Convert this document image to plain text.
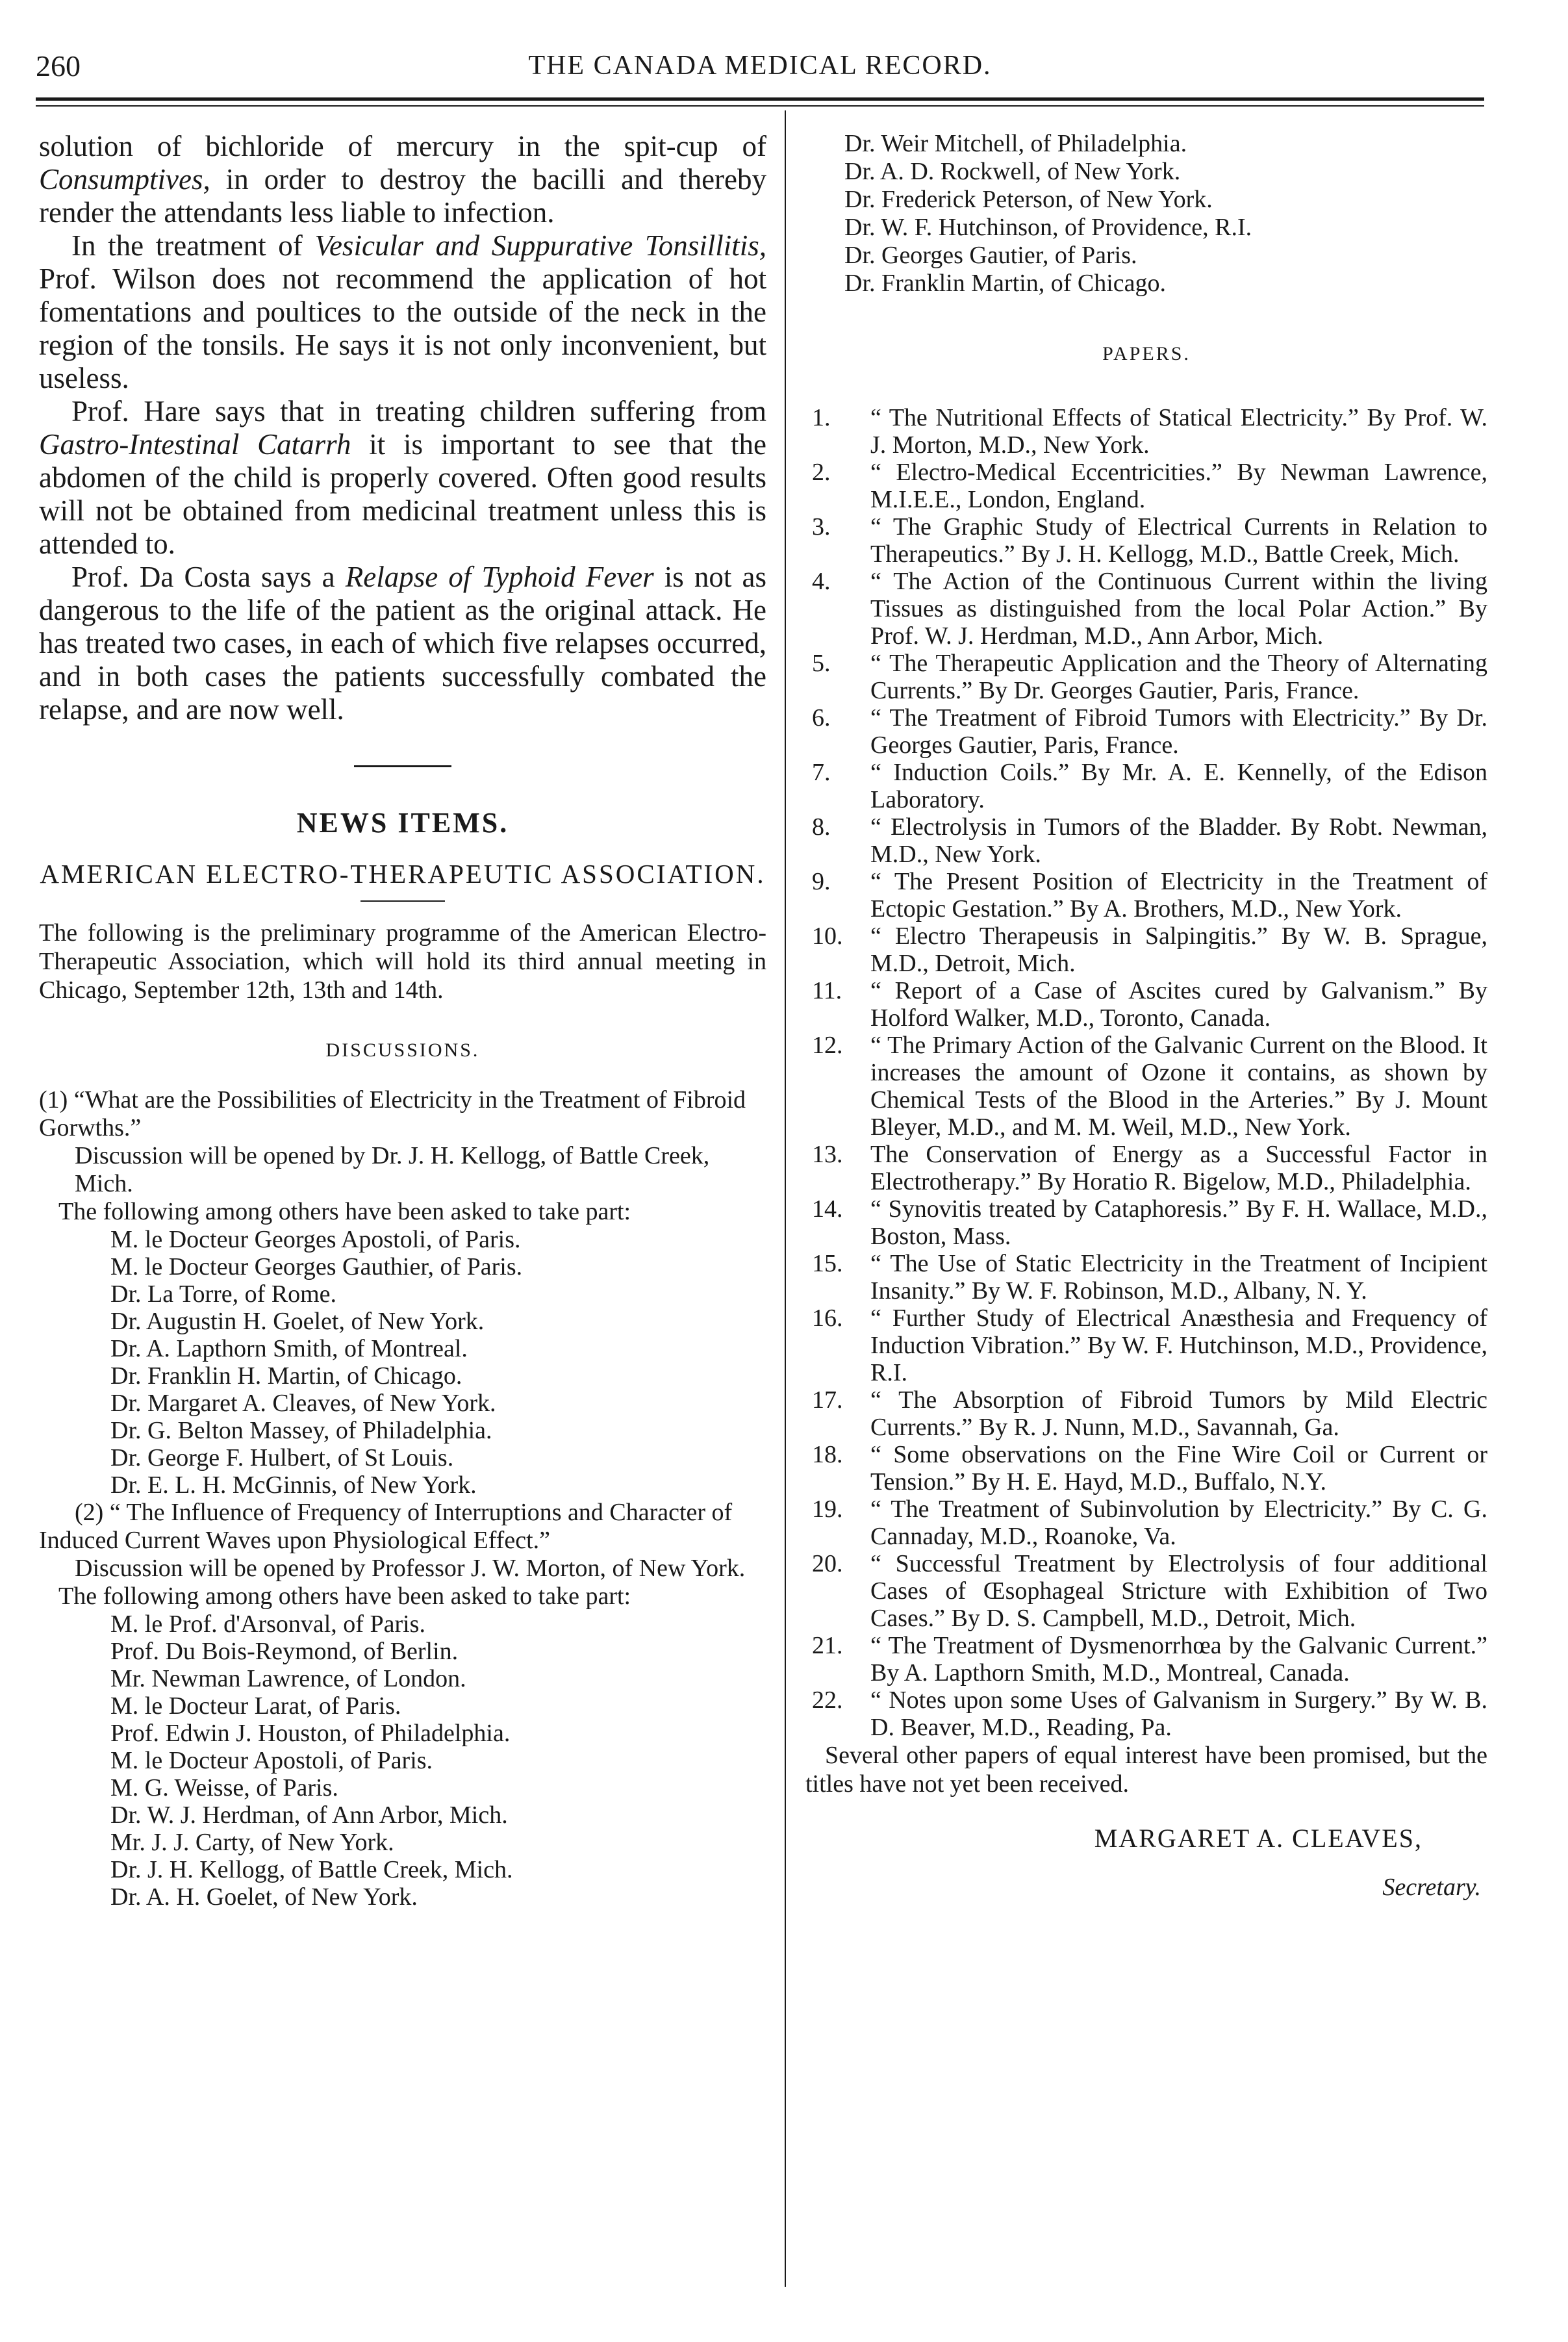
260	THE CANADA MEDICAL RECORD.

solution of bichloride of mercury in the spit-cup of Consumptives, in order to destroy the bacilli and thereby render the attendants less liable to infection.

In the treatment of Vesicular and Suppurative Tonsillitis, Prof. Wilson does not recommend the application of hot fomentations and poultices to the outside of the neck in the region of the tonsils. He says it is not only inconvenient, but useless.

Prof. Hare says that in treating children suffering from Gastro-Intestinal Catarrh it is important to see that the abdomen of the child is properly covered. Often good results will not be obtained from medicinal treatment unless this is attended to.

Prof. Da Costa says a Relapse of Typhoid Fever is not as dangerous to the life of the patient as the original attack. He has treated two cases, in each of which five relapses occurred, and in both cases the patients successfully combated the relapse, and are now well.

NEWS ITEMS.
AMERICAN ELECTRO-THERAPEUTIC ASSOCIATION.

The following is the preliminary programme of the American Electro-Therapeutic Association, which will hold its third annual meeting in Chicago, September 12th, 13th and 14th.

DISCUSSIONS.

(1) “What are the Possibilities of Electricity in the Treatment of Fibroid Gorwths.”

Discussion will be opened by Dr. J. H. Kellogg, of Battle Creek, Mich.

The following among others have been asked to take part:

M. le Docteur Georges Apostoli, of Paris.
M. le Docteur Georges Gauthier, of Paris.
Dr. La Torre, of Rome.
Dr. Augustin H. Goelet, of New York.
Dr. A. Lapthorn Smith, of Montreal.
Dr. Franklin H. Martin, of Chicago.
Dr. Margaret A. Cleaves, of New York.
Dr. G. Belton Massey, of Philadelphia.
Dr. George F. Hulbert, of St Louis.
Dr. E. L. H. McGinnis, of New York.

(2) “ The Influence of Frequency of Interruptions and Character of Induced Current Waves upon Physiological Effect.”

Discussion will be opened by Professor J. W. Morton, of New York.

The following among others have been asked to take part:

M. le Prof. d'Arsonval, of Paris.
Prof. Du Bois-Reymond, of Berlin.
Mr. Newman Lawrence, of London.
M. le Docteur Larat, of Paris.
Prof. Edwin J. Houston, of Philadelphia.
M. le Docteur Apostoli, of Paris.
M. G. Weisse, of Paris.
Dr. W. J. Herdman, of Ann Arbor, Mich.
Mr. J. J. Carty, of New York.
Dr. J. H. Kellogg, of Battle Creek, Mich.
Dr. A. H. Goelet, of New York.
Dr. Weir Mitchell, of Philadelphia.
Dr. A. D. Rockwell, of New York.
Dr. Frederick Peterson, of New York.
Dr. W. F. Hutchinson, of Providence, R.I.
Dr. Georges Gautier, of Paris.
Dr. Franklin Martin, of Chicago.
PAPERS.
1.	“ The Nutritional Effects of Statical Electricity.” By Prof. W. J. Morton, M.D., New York.
2.	“ Electro-Medical Eccentricities.” By Newman Lawrence, M.I.E.E., London, England.
3.	“ The Graphic Study of Electrical Currents in Relation to Therapeutics.” By J. H. Kellogg, M.D., Battle Creek, Mich.
4.	“ The Action of the Continuous Current within the living Tissues as distinguished from the local Polar Action.” By Prof. W. J. Herdman, M.D., Ann Arbor, Mich.
5.	“ The Therapeutic Application and the Theory of Alternating Currents.” By Dr. Georges Gautier, Paris, France.
6.	“ The Treatment of Fibroid Tumors with Electricity.” By Dr. Georges Gautier, Paris, France.
7.	“ Induction Coils.” By Mr. A. E. Kennelly, of the Edison Laboratory.
8.	“ Electrolysis in Tumors of the Bladder. By Robt. Newman, M.D., New York.
9.	“ The Present Position of Electricity in the Treatment of Ectopic Gestation.” By A. Brothers, M.D., New York.
10.	“ Electro Therapeusis in Salpingitis.” By W. B. Sprague, M.D., Detroit, Mich.
11.	“ Report of a Case of Ascites cured by Galvanism.” By Holford Walker, M.D., Toronto, Canada.
12.	“ The Primary Action of the Galvanic Current on the Blood. It increases the amount of Ozone it contains, as shown by Chemical Tests of the Blood in the Arteries.” By J. Mount Bleyer, M.D., and M. M. Weil, M.D., New York.
13.	The Conservation of Energy as a Successful Factor in Electrotherapy.” By Horatio R. Bigelow, M.D., Philadelphia.
14.	“ Synovitis treated by Cataphoresis.” By F. H. Wallace, M.D., Boston, Mass.
15.	“ The Use of Static Electricity in the Treatment of Incipient Insanity.” By W. F. Robinson, M.D., Albany, N. Y.
16.	“ Further Study of Electrical Anæsthesia and Frequency of Induction Vibration.” By W. F. Hutchinson, M.D., Providence, R.I.
17.	“ The Absorption of Fibroid Tumors by Mild Electric Currents.” By R. J. Nunn, M.D., Savannah, Ga.
18.	“ Some observations on the Fine Wire Coil or Current or Tension.” By H. E. Hayd, M.D., Buffalo, N.Y.
19.	“ The Treatment of Subinvolution by Electricity.” By C. G. Cannaday, M.D., Roanoke, Va.
20.	“ Successful Treatment by Electrolysis of four additional Cases of Œsophageal Stricture with Exhibition of Two Cases.” By D. S. Campbell, M.D., Detroit, Mich.
21.	“ The Treatment of Dysmenorrhœa by the Galvanic Current.” By A. Lapthorn Smith, M.D., Montreal, Canada.
22.	“ Notes upon some Uses of Galvanism in Surgery.” By W. B. D. Beaver, M.D., Reading, Pa.

Several other papers of equal interest have been promised, but the titles have not yet been received.

MARGARET A. CLEAVES,
Secretary.
